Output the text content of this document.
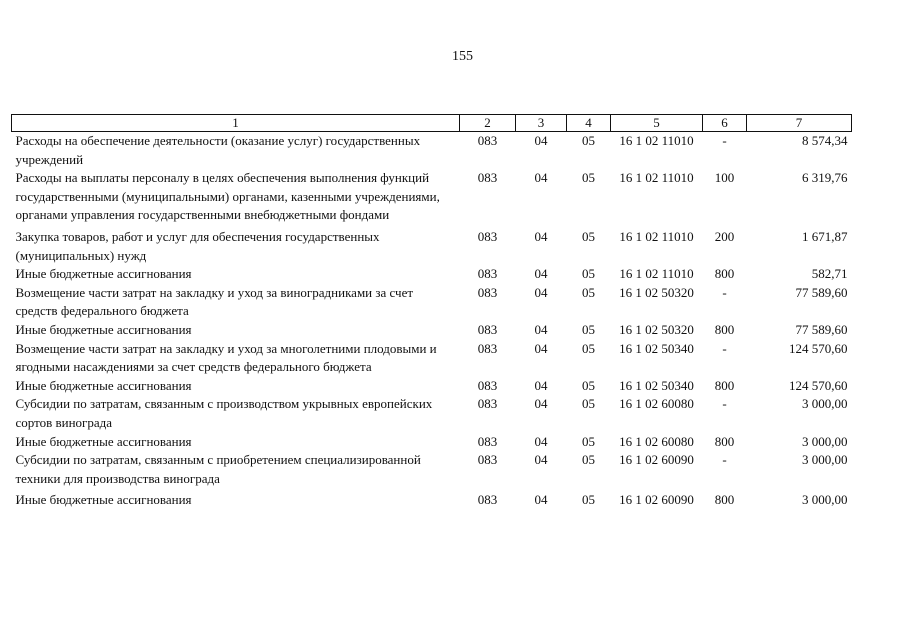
155
1	2	3	4	5	6	7
Расходы на обеспечение деятельности (оказание услуг) государственных учреждений	083	04	05	16 1 02 11010	-	8 574,34
Расходы на выплаты персоналу в целях обеспечения выполнения функций государственными (муниципальными) органами, казенными учреждениями, органами управления государственными внебюджетными фондами	083	04	05	16 1 02 11010	100	6 319,76
Закупка товаров, работ и услуг для обеспечения государственных (муниципальных) нужд	083	04	05	16 1 02 11010	200	1 671,87
Иные бюджетные ассигнования	083	04	05	16 1 02 11010	800	582,71
Возмещение части затрат на закладку и уход за виноградниками за счет средств федерального бюджета	083	04	05	16 1 02 50320	-	77 589,60
Иные бюджетные ассигнования	083	04	05	16 1 02 50320	800	77 589,60
Возмещение части затрат на закладку и уход за многолетними плодовыми и ягодными насаждениями за счет средств федерального бюджета	083	04	05	16 1 02 50340	-	124 570,60
Иные бюджетные ассигнования	083	04	05	16 1 02 50340	800	124 570,60
Субсидии по затратам, связанным с производством укрывных европейских сортов винограда	083	04	05	16 1 02 60080	-	3 000,00
Иные бюджетные ассигнования	083	04	05	16 1 02 60080	800	3 000,00
Субсидии по затратам, связанным с приобретением специализированной техники для производства винограда	083	04	05	16 1 02 60090	-	3 000,00
Иные бюджетные ассигнования	083	04	05	16 1 02 60090	800	3 000,00
